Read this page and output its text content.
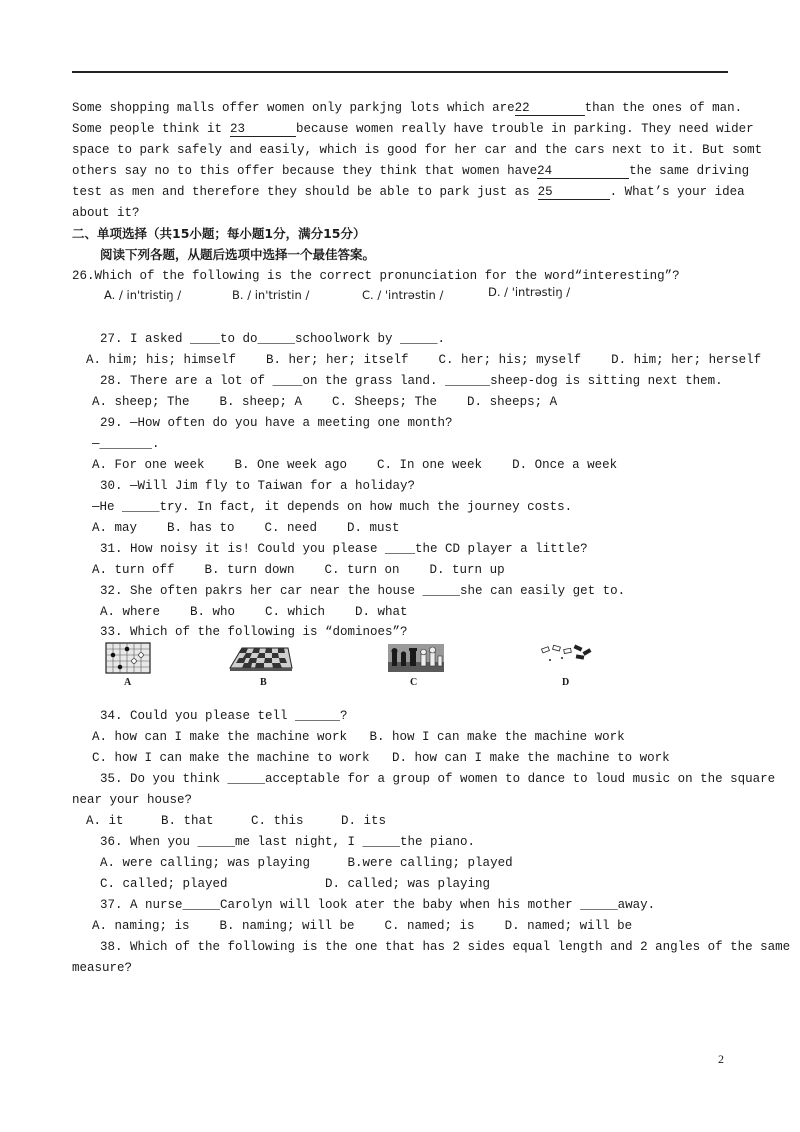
Some shopping malls offer women only parkjng lots which are22	than the ones of man.
Some people think it 23	because women really have trouble in parking. They need wider
space to park safely and easily, which is good for her car and the cars next to it. But somt
others say no to this offer because they think that women have24	the same driving
test as men and therefore they should be able to park just as 25	. What’s your idea
about it?
二、单项选择（共15小题；每小题1分，满分15分）
阅读下列各题，从题后选项中选择一个最佳答案。
26.Which of the following is the correct pronunciation for the word“interesting”?
A. / in'tristiŋ /	B. / in'tristin /	C. / 'intrəstin /	D. / 'intrəstiŋ /
27. I asked ____to do_____schoolwork by _____.
A. him; his; himself    B. her; her; itself    C. her; his; myself    D. him; her; herself
28. There are a lot of ____on the grass land. ______sheep-dog is sitting next them.
A. sheep; The    B. sheep; A    C. Sheeps; The    D. sheeps; A
29. —How often do you have a meeting one month?
—_______.
A. For one week    B. One week ago    C. In one week    D. Once a week
30. —Will Jim fly to Taiwan for a holiday?
—He _____try. In fact, it depends on how much the journey costs.
A. may    B. has to    C. need    D. must
31. How noisy it is! Could you please ____the CD player a little?
A. turn off    B. turn down    C. turn on    D. turn up
32. She often pakrs her car near the house _____she can easily get to.
A. where    B. who    C. which    D. what
33. Which of the following is “dominoes”?
A	B	C	D
34. Could you please tell ______?
A. how can I make the machine work   B. how I can make the machine work
C. how I can make the machine to work   D. how can I make the machine to work
35. Do you think _____acceptable for a group of women to dance to loud music on the square
near your house?
A. it     B. that     C. this     D. its
36. When you _____me last night, I _____the piano.
A. were calling; was playing     B.were calling; played
C. called; played             D. called; was playing
37. A nurse_____Carolyn will look ater the baby when his mother _____away.
A. naming; is    B. naming; will be    C. named; is    D. named; will be
38. Which of the following is the one that has 2 sides equal length and 2 angles of the same
measure?
2
